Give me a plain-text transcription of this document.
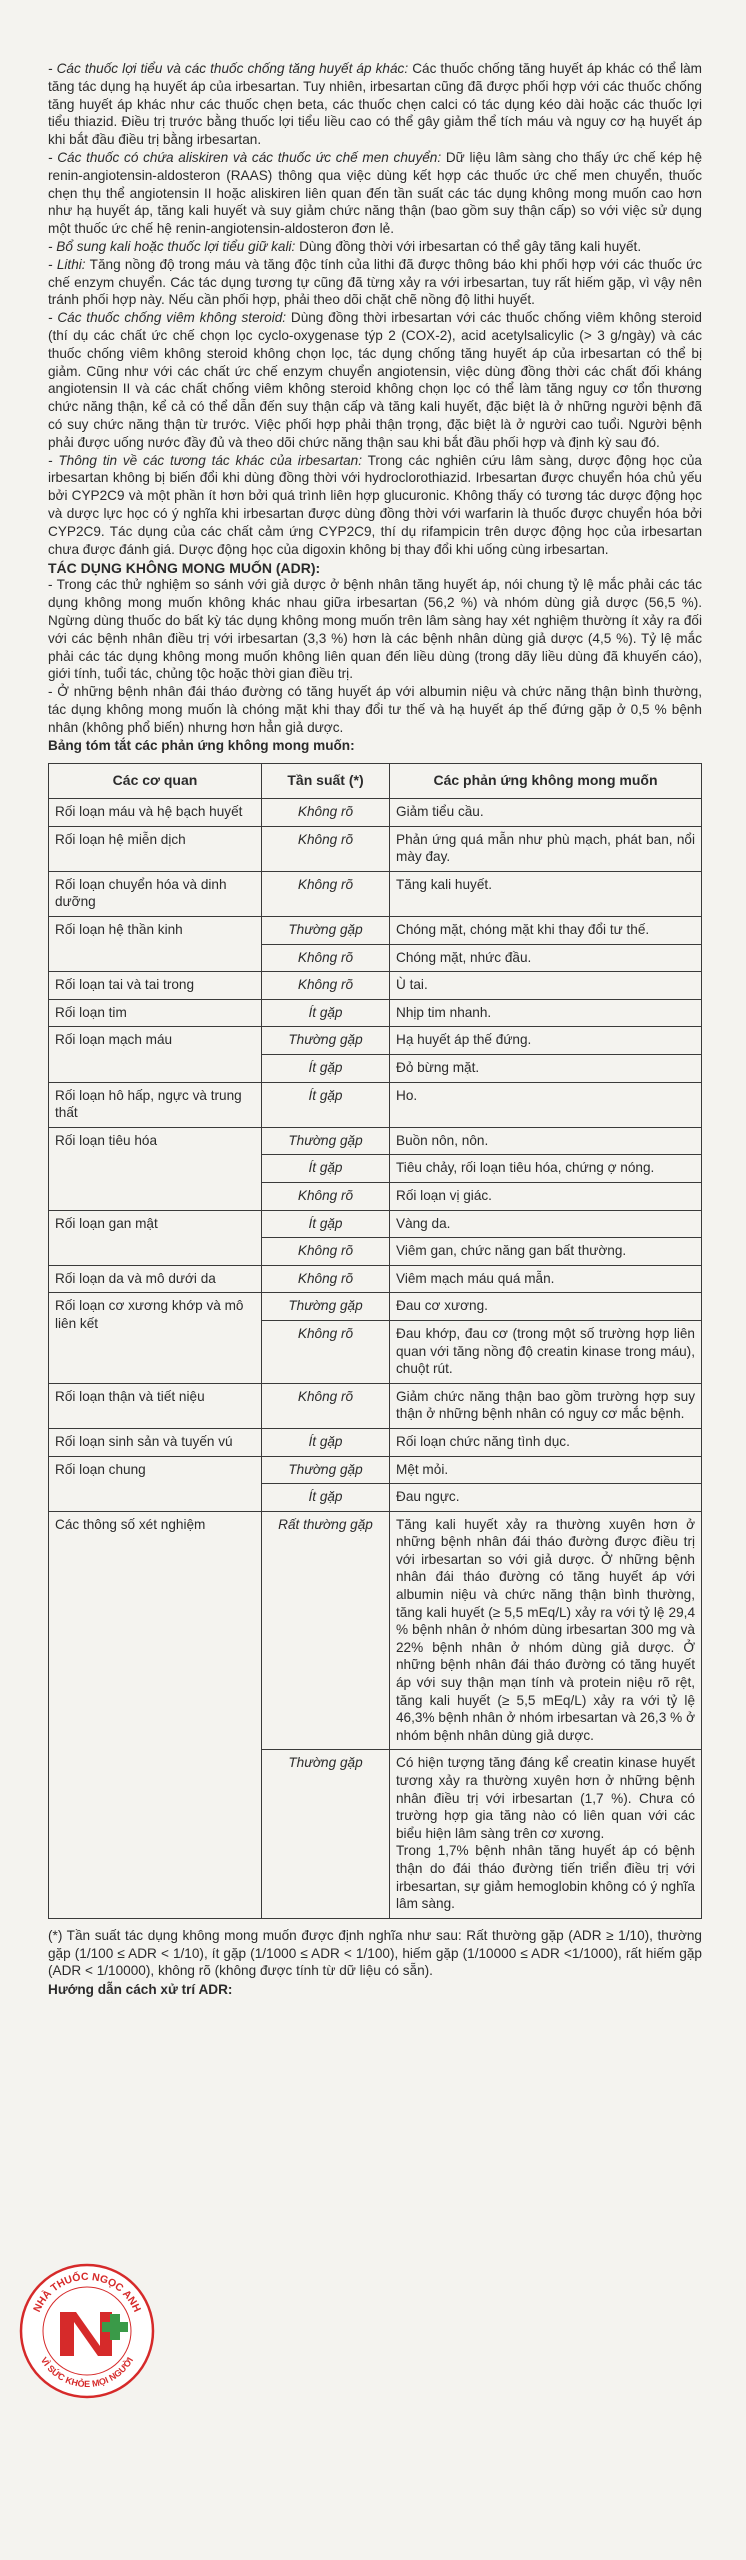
- Các thuốc lợi tiểu và các thuốc chống tăng huyết áp khác: Các thuốc chống tăng huyết áp khác có thể làm tăng tác dụng hạ huyết áp của irbesartan. Tuy nhiên, irbesartan cũng đã được phối hợp với các thuốc chống tăng huyết áp khác như các thuốc chẹn beta, các thuốc chẹn calci có tác dụng kéo dài hoặc các thuốc lợi tiểu thiazid. Điều trị trước bằng thuốc lợi tiểu liều cao có thể gây giảm thể tích máu và nguy cơ hạ huyết áp khi bắt đầu điều trị bằng irbesartan.

- Các thuốc có chứa aliskiren và các thuốc ức chế men chuyển: Dữ liệu lâm sàng cho thấy ức chế kép hệ renin-angiotensin-aldosteron (RAAS) thông qua việc dùng kết hợp các thuốc ức chế men chuyển, thuốc chẹn thụ thể angiotensin II hoặc aliskiren liên quan đến tần suất các tác dụng không mong muốn cao hơn như hạ huyết áp, tăng kali huyết và suy giảm chức năng thận (bao gồm suy thận cấp) so với việc sử dụng một thuốc ức chế hệ renin-angiotensin-aldosteron đơn lẻ.

- Bổ sung kali hoặc thuốc lợi tiểu giữ kali: Dùng đồng thời với irbesartan có thể gây tăng kali huyết.

- Lithi: Tăng nồng độ trong máu và tăng độc tính của lithi đã được thông báo khi phối hợp với các thuốc ức chế enzym chuyển. Các tác dụng tương tự cũng đã từng xảy ra với irbesartan, tuy rất hiếm gặp, vì vậy nên tránh phối hợp này. Nếu cần phối hợp, phải theo dõi chặt chẽ nồng độ lithi huyết.

- Các thuốc chống viêm không steroid: Dùng đồng thời irbesartan với các thuốc chống viêm không steroid (thí dụ các chất ức chế chọn lọc cyclo-oxygenase týp 2 (COX-2), acid acetylsalicylic (> 3 g/ngày) và các thuốc chống viêm không steroid không chọn lọc, tác dụng chống tăng huyết áp của irbesartan có thể bị giảm. Cũng như với các chất ức chế enzym chuyển angiotensin, việc dùng đồng thời các chất đối kháng angiotensin II và các chất chống viêm không steroid không chọn lọc có thể làm tăng nguy cơ tổn thương chức năng thận, kể cả có thể dẫn đến suy thận cấp và tăng kali huyết, đặc biệt là ở những người bệnh đã có suy chức năng thận từ trước. Việc phối hợp phải thận trọng, đặc biệt là ở người cao tuổi. Người bệnh phải được uống nước đầy đủ và theo dõi chức năng thận sau khi bắt đầu phối hợp và định kỳ sau đó.

- Thông tin về các tương tác khác của irbesartan: Trong các nghiên cứu lâm sàng, dược động học của irbesartan không bị biến đổi khi dùng đồng thời với hydroclorothiazid. Irbesartan được chuyển hóa chủ yếu bởi CYP2C9 và một phần ít hơn bởi quá trình liên hợp glucuronic. Không thấy có tương tác dược động học và dược lực học có ý nghĩa khi irbesartan được dùng đồng thời với warfarin là thuốc được chuyển hóa bởi CYP2C9. Tác dụng của các chất cảm ứng CYP2C9, thí dụ rifampicin trên dược động học của irbesartan chưa được đánh giá. Dược động học của digoxin không bị thay đổi khi uống cùng irbesartan.

TÁC DỤNG KHÔNG MONG MUỐN (ADR):

- Trong các thử nghiệm so sánh với giả dược ở bệnh nhân tăng huyết áp, nói chung tỷ lệ mắc phải các tác dụng không mong muốn không khác nhau giữa irbesartan (56,2 %) và nhóm dùng giả dược (56,5 %). Ngừng dùng thuốc do bất kỳ tác dụng không mong muốn trên lâm sàng hay xét nghiệm thường ít xảy ra đối với các bệnh nhân điều trị với irbesartan (3,3 %) hơn là các bệnh nhân dùng giả dược (4,5 %). Tỷ lệ mắc phải các tác dụng không mong muốn không liên quan đến liều dùng (trong dãy liều dùng đã khuyến cáo), giới tính, tuổi tác, chủng tộc hoặc thời gian điều trị.

- Ở những bệnh nhân đái tháo đường có tăng huyết áp với albumin niệu và chức năng thận bình thường, tác dụng không mong muốn là chóng mặt khi thay đổi tư thế và hạ huyết áp thế đứng gặp ở 0,5 % bệnh nhân (không phổ biến) nhưng hơn hẳn giả dược.

Bảng tóm tắt các phản ứng không mong muốn:
Các cơ quan	Tần suất (*)	Các phản ứng không mong muốn
Rối loạn máu và hệ bạch huyết	Không rõ	Giảm tiểu cầu.
Rối loạn hệ miễn dịch	Không rõ	Phản ứng quá mẫn như phù mạch, phát ban, nổi mày đay.
Rối loạn chuyển hóa và dinh dưỡng	Không rõ	Tăng kali huyết.
Rối loạn hệ thần kinh	Thường gặp	Chóng mặt, chóng mặt khi thay đổi tư thế.
	Không rõ	Chóng mặt, nhức đầu.
Rối loạn tai và tai trong	Không rõ	Ù tai.
Rối loạn tim	Ít gặp	Nhịp tim nhanh.
Rối loạn mạch máu	Thường gặp	Hạ huyết áp thế đứng.
	Ít gặp	Đỏ bừng mặt.
Rối loạn hô hấp, ngực và trung thất	Ít gặp	Ho.
Rối loạn tiêu hóa	Thường gặp	Buồn nôn, nôn.
	Ít gặp	Tiêu chảy, rối loạn tiêu hóa, chứng ợ nóng.
	Không rõ	Rối loạn vị giác.
Rối loạn gan mật	Ít gặp	Vàng da.
	Không rõ	Viêm gan, chức năng gan bất thường.
Rối loạn da và mô dưới da	Không rõ	Viêm mạch máu quá mẫn.
Rối loạn cơ xương khớp và mô liên kết	Thường gặp	Đau cơ xương.
	Không rõ	Đau khớp, đau cơ (trong một số trường hợp liên quan với tăng nồng độ creatin kinase trong máu), chuột rút.
Rối loạn thận và tiết niệu	Không rõ	Giảm chức năng thận bao gồm trường hợp suy thận ở những bệnh nhân có nguy cơ mắc bệnh.
Rối loạn sinh sản và tuyến vú	Ít gặp	Rối loạn chức năng tình dục.
Rối loạn chung	Thường gặp	Mệt mỏi.
	Ít gặp	Đau ngực.
Các thông số xét nghiệm	Rất thường gặp	Tăng kali huyết xảy ra thường xuyên hơn ở những bệnh nhân đái tháo đường được điều trị với irbesartan so với giả dược. Ở những bệnh nhân đái tháo đường có tăng huyết áp với albumin niệu và chức năng thận bình thường, tăng kali huyết (≥ 5,5 mEq/L) xảy ra với tỷ lệ 29,4 % bệnh nhân ở nhóm dùng irbesartan 300 mg và 22% bệnh nhân ở nhóm dùng giả dược. Ở những bệnh nhân đái tháo đường có tăng huyết áp với suy thận mạn tính và protein niệu rõ rệt, tăng kali huyết (≥ 5,5 mEq/L) xảy ra với tỷ lệ 46,3% bệnh nhân ở nhóm irbesartan và 26,3 % ở nhóm bệnh nhân dùng giả dược.
	Thường gặp	Có hiện tượng tăng đáng kể creatin kinase huyết tương xảy ra thường xuyên hơn ở những bệnh nhân điều trị với irbesartan (1,7 %). Chưa có trường hợp gia tăng nào có liên quan với các biểu hiện lâm sàng trên cơ xương.
Trong 1,7% bệnh nhân tăng huyết áp có bệnh thận do đái tháo đường tiến triển điều trị với irbesartan, sự giảm hemoglobin không có ý nghĩa lâm sàng.

(*) Tần suất tác dụng không mong muốn được định nghĩa như sau: Rất thường gặp (ADR ≥ 1/10), thường gặp (1/100 ≤ ADR < 1/10), ít gặp (1/1000 ≤ ADR < 1/100), hiếm gặp (1/10000 ≤ ADR <1/1000), rất hiếm gặp (ADR < 1/10000), không rõ (không được tính từ dữ liệu có sẵn).

Hướng dẫn cách xử trí ADR:
NHÀ THUỐC NGỌC ANH
VÌ SỨC KHỎE MỌI NGƯỜI
